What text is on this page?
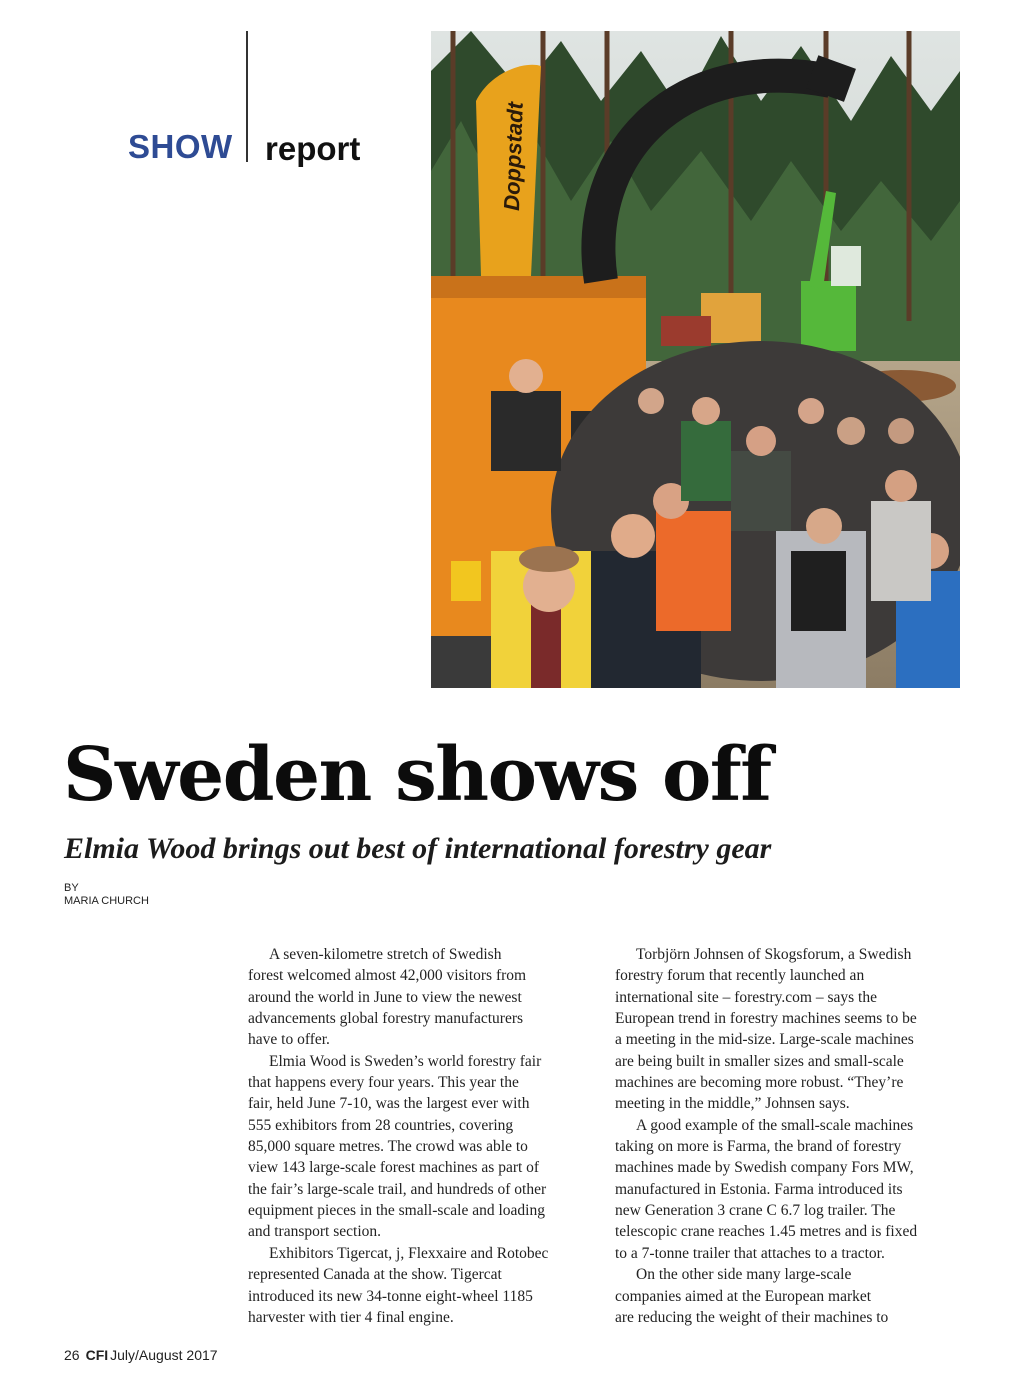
SHOW report	Doppstadt
Sweden shows off
Elmia Wood brings out best of international forestry gear
BY
MARIA CHURCH
A seven-kilometre stretch of Swedish
forest welcomed almost 42,000 visitors from
around the world in June to view the newest
advancements global forestry manufacturers
have to offer.
Elmia Wood is Sweden’s world forestry fair
that happens every four years. This year the
fair, held June 7-10, was the largest ever with
555 exhibitors from 28 countries, covering
85,000 square metres. The crowd was able to
view 143 large-scale forest machines as part of
the fair’s large-scale trail, and hundreds of other
equipment pieces in the small-scale and loading
and transport section.
Exhibitors Tigercat, j, Flexxaire and Rotobec
represented Canada at the show. Tigercat
introduced its new 34-tonne eight-wheel 1185
harvester with tier 4 final engine.
Torbjörn Johnsen of Skogsforum, a Swedish
forestry forum that recently launched an
international site – forestry.com – says the
European trend in forestry machines seems to be
a meeting in the mid-size. Large-scale machines
are being built in smaller sizes and small-scale
machines are becoming more robust. “They’re
meeting in the middle,” Johnsen says.
A good example of the small-scale machines
taking on more is Farma, the brand of forestry
machines made by Swedish company Fors MW,
manufactured in Estonia. Farma introduced its
new Generation 3 crane C 6.7 log trailer. The
telescopic crane reaches 1.45 metres and is fixed
to a 7-tonne trailer that attaches to a tractor.
On the other side many large-scale
companies aimed at the European market
are reducing the weight of their machines to
26 CFI July/August 2017
